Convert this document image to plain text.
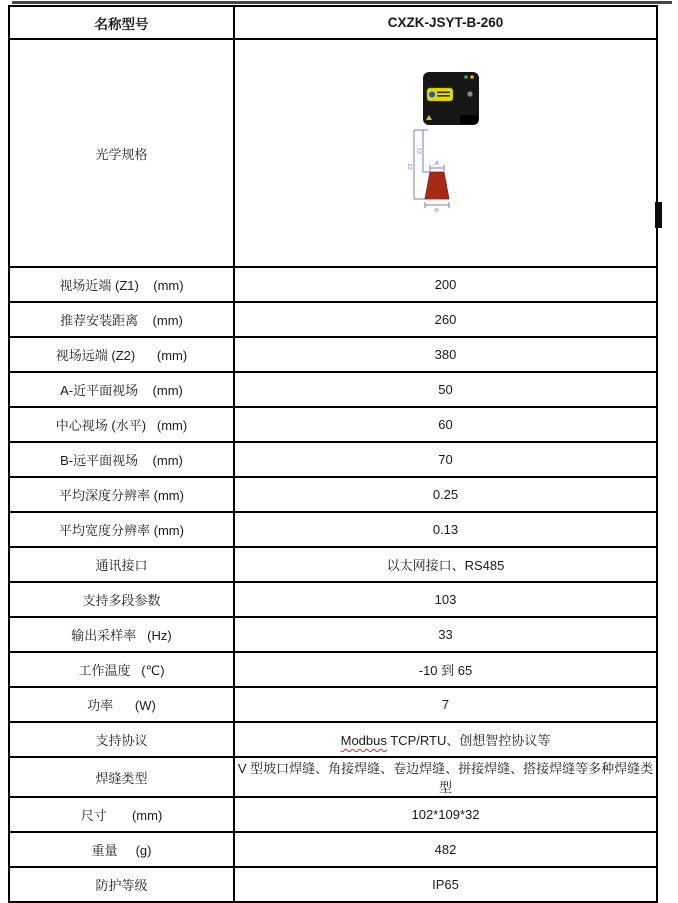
名称型号	CXZK-JSYT-B-260
光学规格	Z1
Z2 A
B

视场近端 (Z1)    (mm)	200
推荐安装距离    (mm)	260
视场远端 (Z2)      (mm)	380
A-近平面视场    (mm)	50
中心视场 (水平)   (mm)	60
B-远平面视场    (mm)	70
平均深度分辨率 (mm)	0.25
平均宽度分辨率 (mm)	0.13
通讯接口	以太网接口、RS485
支持多段参数	103
输出采样率   (Hz)	33
工作温度   (℃)	-10 到 65
功率      (W)	7
支持协议	Modbus TCP/RTU、创想智控协议等
焊缝类型	V 型坡口焊缝、角接焊缝、卷边焊缝、拼接焊缝、搭接焊缝等多种焊缝类型
尺寸       (mm)	102*109*32
重量     (g)	482
防护等级	IP65
